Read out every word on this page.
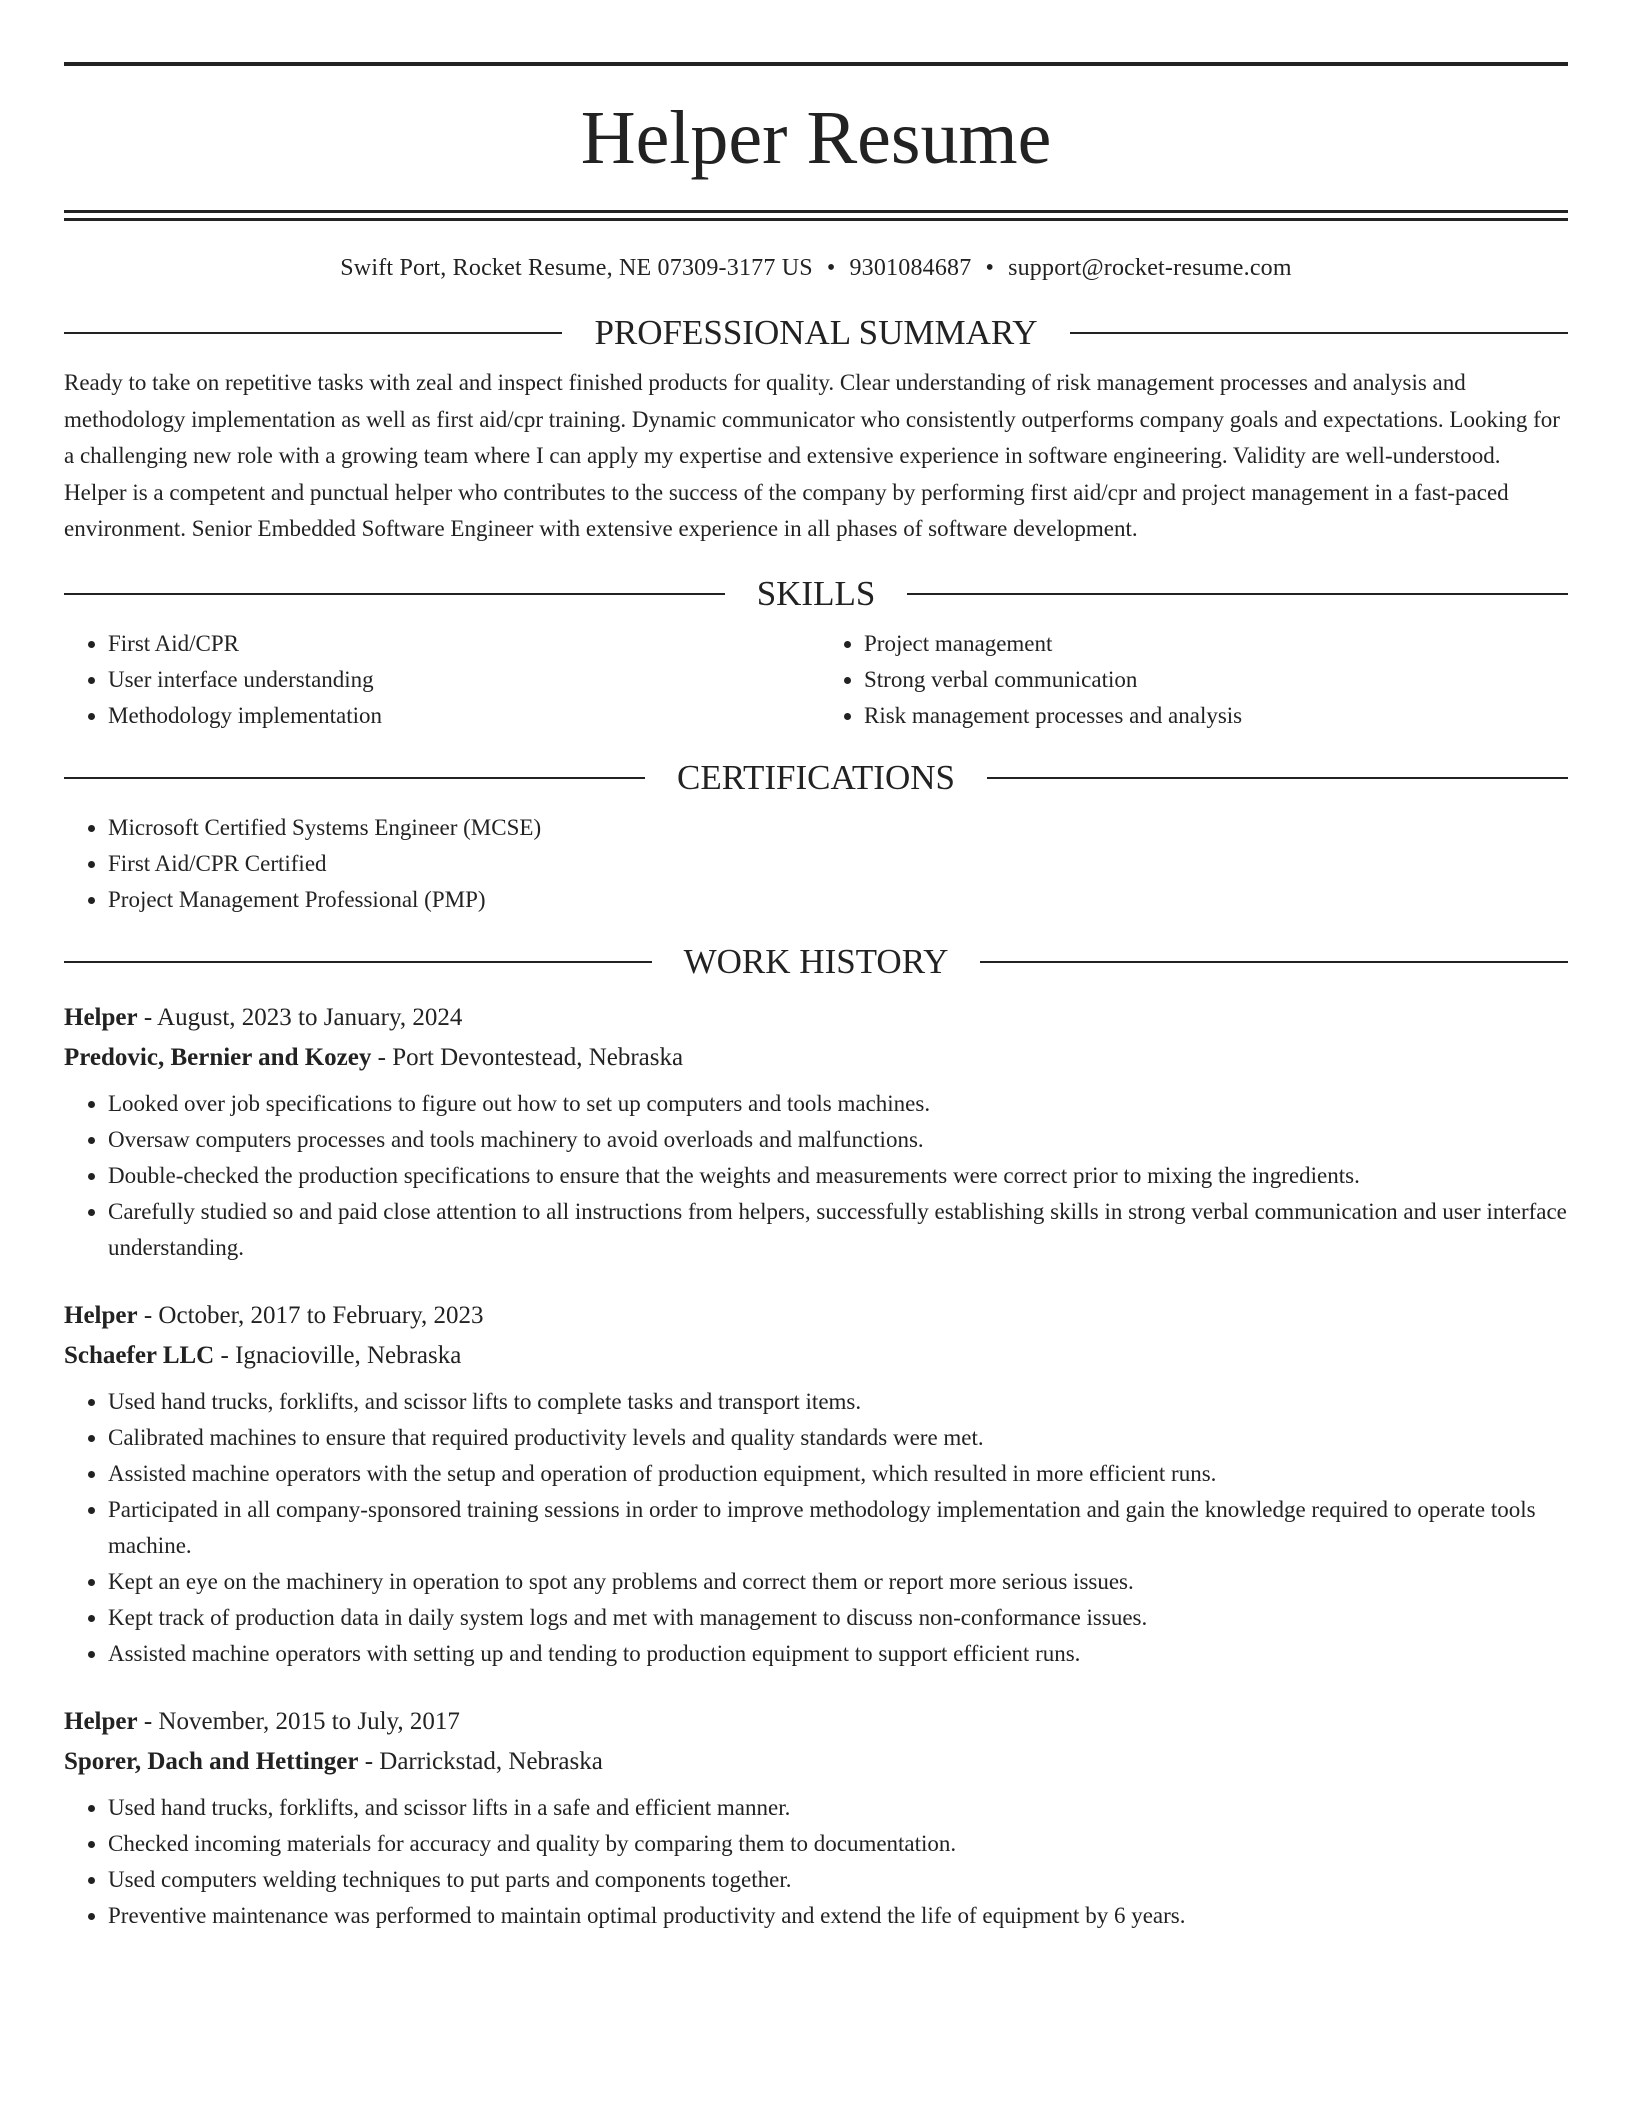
Helper Resume
Swift Port, Rocket Resume, NE 07309-3177 US • 9301084687 • support@rocket-resume.com
PROFESSIONAL SUMMARY

Ready to take on repetitive tasks with zeal and inspect finished products for quality. Clear understanding of risk management processes and analysis and methodology implementation as well as first aid/cpr training. Dynamic communicator who consistently outperforms company goals and expectations. Looking for a challenging new role with a growing team where I can apply my expertise and extensive experience in software engineering. Validity are well-understood. Helper is a competent and punctual helper who contributes to the success of the company by performing first aid/cpr and project management in a fast-paced environment. Senior Embedded Software Engineer with extensive experience in all phases of software development.

SKILLS
• First Aid/CPR
• User interface understanding
• Methodology implementation
• Project management
• Strong verbal communication
• Risk management processes and analysis
CERTIFICATIONS
• Microsoft Certified Systems Engineer (MCSE)
• First Aid/CPR Certified
• Project Management Professional (PMP)
WORK HISTORY
Helper - August, 2023 to January, 2024
Predovic, Bernier and Kozey - Port Devontestead, Nebraska
• Looked over job specifications to figure out how to set up computers and tools machines.
• Oversaw computers processes and tools machinery to avoid overloads and malfunctions.
• Double-checked the production specifications to ensure that the weights and measurements were correct prior to mixing the ingredients.
• Carefully studied so and paid close attention to all instructions from helpers, successfully establishing skills in strong verbal communication and user interface understanding.
Helper - October, 2017 to February, 2023
Schaefer LLC - Ignacioville, Nebraska
• Used hand trucks, forklifts, and scissor lifts to complete tasks and transport items.
• Calibrated machines to ensure that required productivity levels and quality standards were met.
• Assisted machine operators with the setup and operation of production equipment, which resulted in more efficient runs.
• Participated in all company-sponsored training sessions in order to improve methodology implementation and gain the knowledge required to operate tools machine.
• Kept an eye on the machinery in operation to spot any problems and correct them or report more serious issues.
• Kept track of production data in daily system logs and met with management to discuss non-conformance issues.
• Assisted machine operators with setting up and tending to production equipment to support efficient runs.
Helper - November, 2015 to July, 2017
Sporer, Dach and Hettinger - Darrickstad, Nebraska
• Used hand trucks, forklifts, and scissor lifts in a safe and efficient manner.
• Checked incoming materials for accuracy and quality by comparing them to documentation.
• Used computers welding techniques to put parts and components together.
• Preventive maintenance was performed to maintain optimal productivity and extend the life of equipment by 6 years.
